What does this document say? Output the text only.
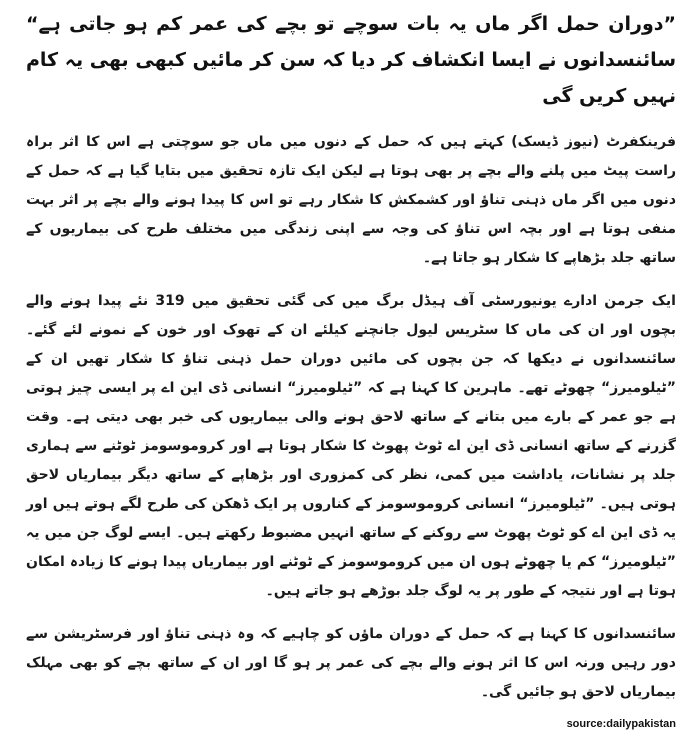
”دوران حمل اگر ماں یہ بات سوچے تو بچے کی عمر کم ہو جاتی ہے“ سائنسدانوں نے ایسا انکشاف کر دیا کہ سن کر مائیں کبھی بھی یہ کام نہیں کریں گی

فرینکفرٹ (نیوز ڈیسک) کہتے ہیں کہ حمل کے دنوں میں ماں جو سوچتی ہے اس کا اثر براہ راست پیٹ میں پلنے والے بچے پر بھی ہوتا ہے لیکن ایک تازہ تحقیق میں بتایا گیا ہے کہ حمل کے دنوں میں اگر ماں ذہنی تناؤ اور کشمکش کا شکار رہے تو اس کا پیدا ہونے والے بچے پر اثر بہت منفی ہوتا ہے اور بچہ اس تناؤ کی وجہ سے اپنی زندگی میں مختلف طرح کی بیماریوں کے ساتھ جلد بڑھاپے کا شکار ہو جاتا ہے۔

ایک جرمن ادارے یونیورسٹی آف ہیڈل برگ میں کی گئی تحقیق میں 319 نئے پیدا ہونے والے بچوں اور ان کی ماں کا سٹریس لیول جانچنے کیلئے ان کے تھوک اور خون کے نمونے لئے گئے۔ سائنسدانوں نے دیکھا کہ جن بچوں کی مائیں دوران حمل ذہنی تناؤ کا شکار تھیں ان کے ”ٹیلومیرز“ چھوٹے تھے۔ ماہرین کا کہنا ہے کہ ”ٹیلومیرز“ انسانی ڈی این اے پر ایسی چیز ہوتی ہے جو عمر کے بارے میں بتانے کے ساتھ لاحق ہونے والی بیماریوں کی خبر بھی دیتی ہے۔ وقت گزرنے کے ساتھ انسانی ڈی این اے ٹوٹ پھوٹ کا شکار ہوتا ہے اور کروموسومز ٹوٹنے سے ہماری جلد پر نشانات، یاداشت میں کمی، نظر کی کمزوری اور بڑھاپے کے ساتھ دیگر بیماریاں لاحق ہوتی ہیں۔ ”ٹیلومیرز“ انسانی کروموسومز کے کناروں پر ایک ڈھکن کی طرح لگے ہوتے ہیں اور یہ ڈی این اے کو ٹوٹ پھوٹ سے روکنے کے ساتھ انہیں مضبوط رکھتے ہیں۔ ایسے لوگ جن میں یہ ”ٹیلومیرز“ کم یا چھوٹے ہوں ان میں کروموسومز کے ٹوٹنے اور بیماریاں پیدا ہونے کا زیادہ امکان ہوتا ہے اور نتیجہ کے طور پر یہ لوگ جلد بوڑھے ہو جاتے ہیں۔

سائنسدانوں کا کہنا ہے کہ حمل کے دوران ماؤں کو چاہیے کہ وہ ذہنی تناؤ اور فرسٹریشن سے دور رہیں ورنہ اس کا اثر ہونے والے بچے کی عمر پر ہو گا اور ان کے ساتھ بچے کو بھی مہلک بیماریاں لاحق ہو جائیں گی۔

source:dailypakistan
